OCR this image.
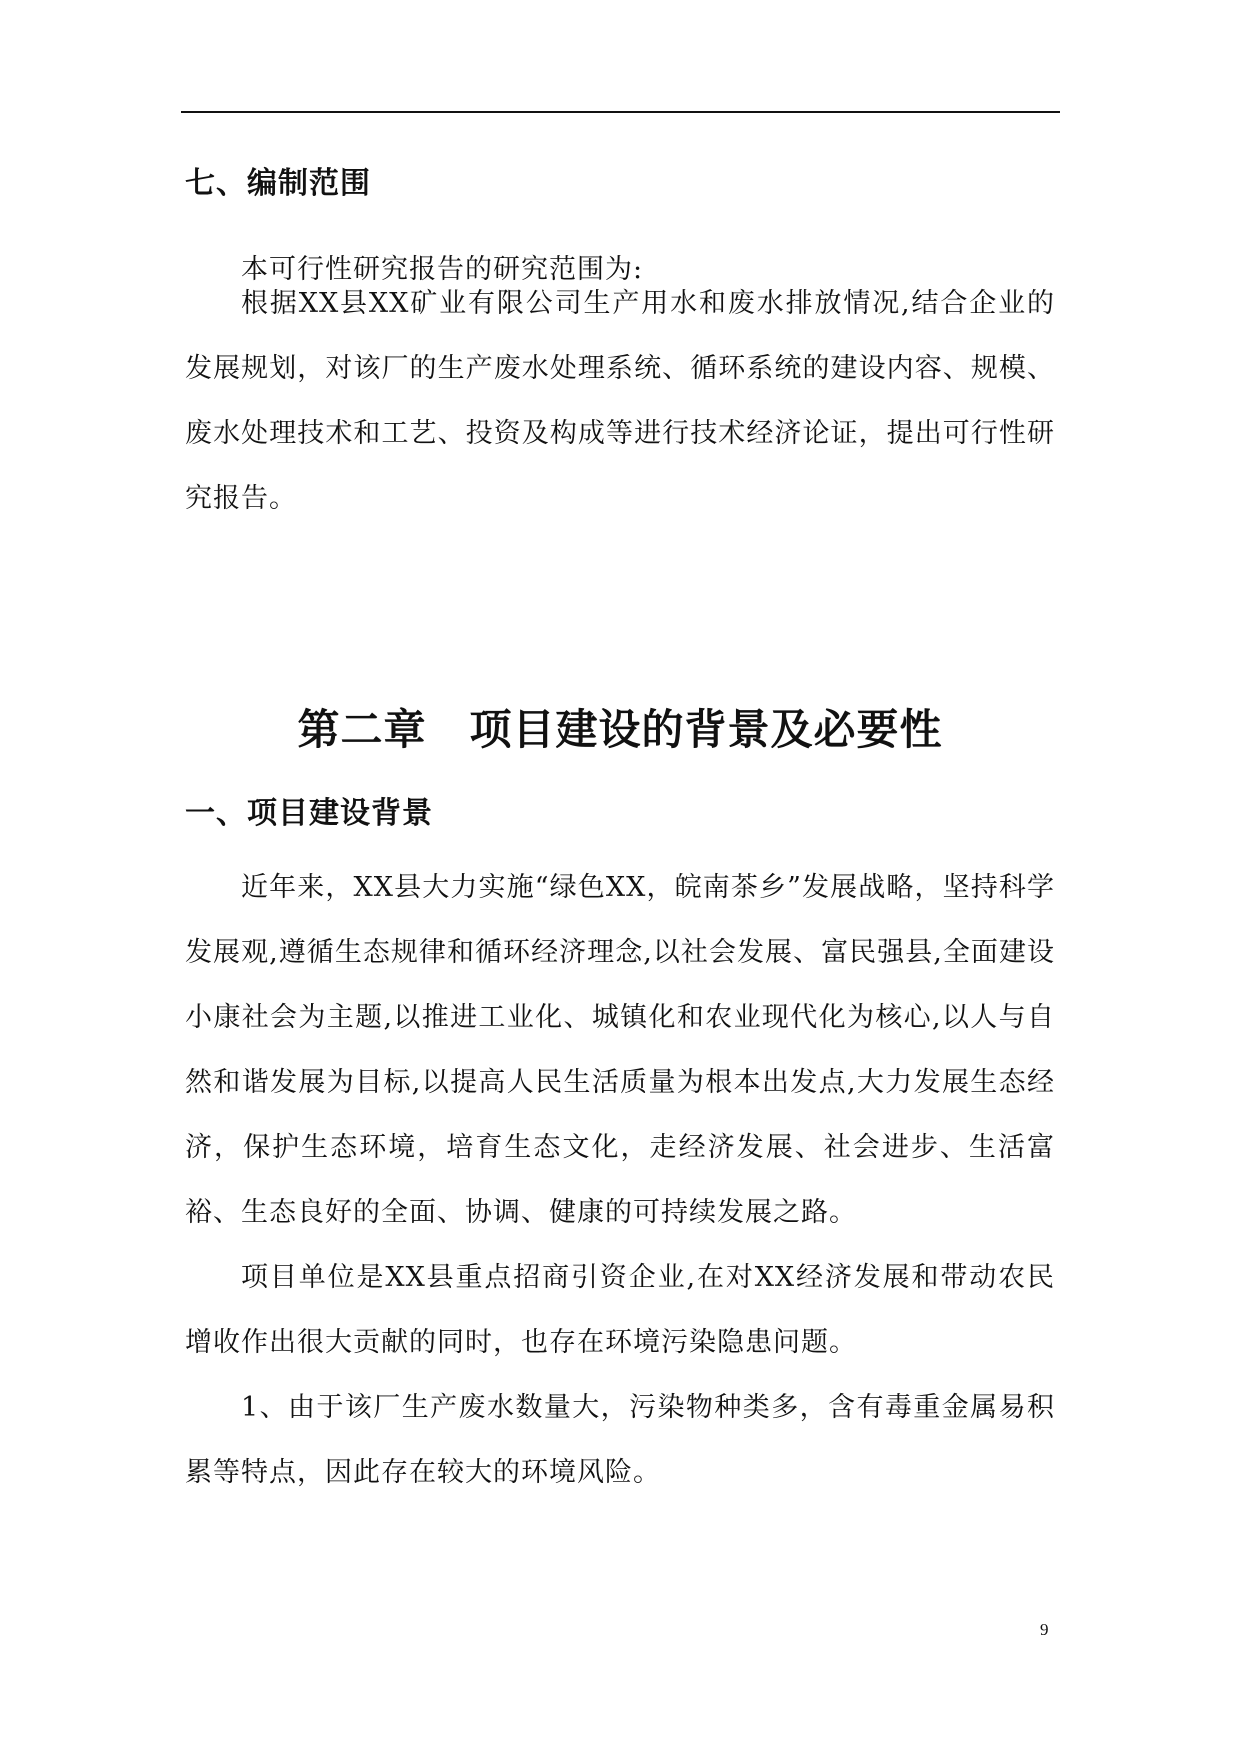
七、编制范围

本可行性研究报告的研究范围为:

根据XX县XX矿业有限公司生产用水和废水排放情况,结合企业的发展规划，对该厂的生产废水处理系统、循环系统的建设内容、规模、废水处理技术和工艺、投资及构成等进行技术经济论证，提出可行性研究报告。

第二章　项目建设的背景及必要性
一、项目建设背景

近年来，XX县大力实施“绿色XX，皖南茶乡”发展战略，坚持科学发展观,遵循生态规律和循环经济理念,以社会发展、富民强县,全面建设小康社会为主题,以推进工业化、城镇化和农业现代化为核心,以人与自然和谐发展为目标,以提高人民生活质量为根本出发点,大力发展生态经济，保护生态环境，培育生态文化，走经济发展、社会进步、生活富裕、生态良好的全面、协调、健康的可持续发展之路。

项目单位是XX县重点招商引资企业,在对XX经济发展和带动农民增收作出很大贡献的同时，也存在环境污染隐患问题。

1、由于该厂生产废水数量大，污染物种类多，含有毒重金属易积累等特点，因此存在较大的环境风险。

9
